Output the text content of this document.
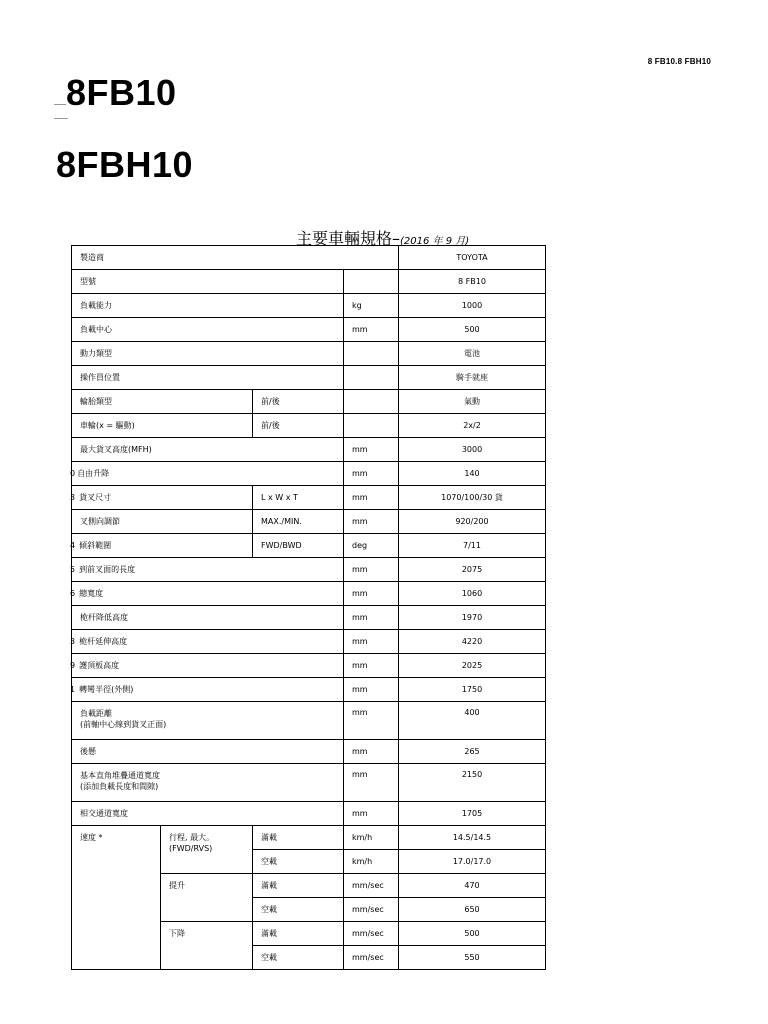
8 FB10.8 FBH10
8FB10
8FBH10
主要車輛規格–(2016 年 9 月)
製造商				TOYOTA
型號				8 FB10
負載能力			kg	1000
負載中心			mm	500
動力類型				電池
操作員位置				騎手就座
輪胎類型		前/後		氣動
車輪(x = 驅動)		前/後		2x/2
最大貨叉高度(MFH)			mm	3000
0 自由升降			mm	140
3 貨叉尺寸		L x W x T	mm	1070/100/30 貨
叉側向調節		MAX./MIN.	mm	920/200
4 傾斜範圍		FWD/BWD	deg	7/11
5 到前叉面的長度			mm	2075
6 總寬度			mm	1060
桅杆降低高度			mm	1970
3 桅杆延伸高度			mm	4220
9 護頂板高度			mm	2025
1 轉彎半徑(外側)			mm	1750

負載距離
(前軸中心線到貨叉正面)			mm	400
後懸			mm	265

基本直角堆疊通道寬度
(添加負載長度和間隙)			mm	2150
相交通道寬度			mm	1705
速度 *	行程, 最大。
(FWD/RVS)	滿載	km/h	14.5/14.5
		空載	km/h	17.0/17.0
	提升	滿載	mm/sec	470
		空載	mm/sec	650
	下降	滿載	mm/sec	500
		空載	mm/sec	550
